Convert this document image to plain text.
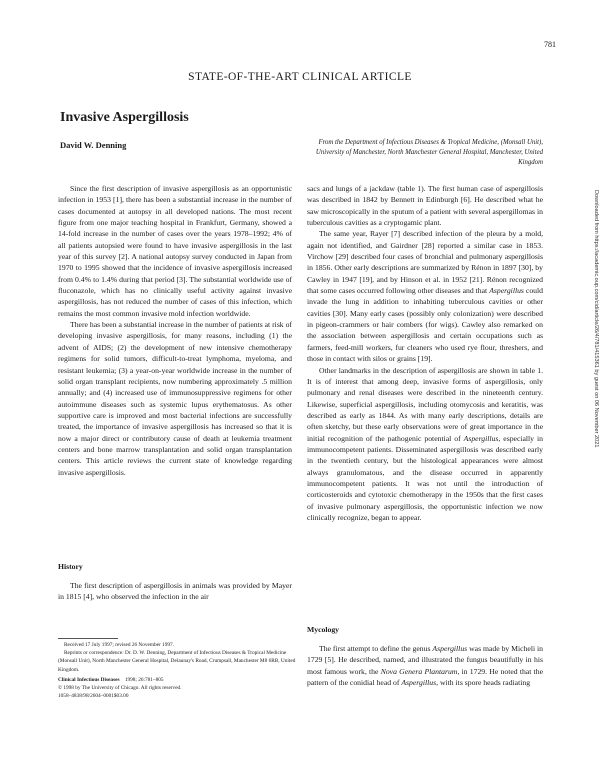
781
STATE-OF-THE-ART CLINICAL ARTICLE
Invasive Aspergillosis
David W. Denning	From the Department of Infectious Diseases & Tropical Medicine, (Monsall Unit), University of Manchester, North Manchester General Hospital, Manchester, United Kingdom

Since the first description of invasive aspergillosis as an opportunistic infection in 1953 [1], there has been a substantial increase in the number of cases documented at autopsy in all developed nations. The most recent figure from one major teaching hospital in Frankfurt, Germany, showed a 14-fold increase in the number of cases over the years 1978–1992; 4% of all patients autopsied were found to have invasive aspergillosis in the last year of this survey [2]. A national autopsy survey conducted in Japan from 1970 to 1995 showed that the incidence of invasive aspergillosis increased from 0.4% to 1.4% during that period [3]. The substantial worldwide use of fluconazole, which has no clinically useful activity against invasive aspergillosis, has not reduced the number of cases of this infection, which remains the most common invasive mold infection worldwide.

There has been a substantial increase in the number of patients at risk of developing invasive aspergillosis, for many reasons, including (1) the advent of AIDS; (2) the development of new intensive chemotherapy regimens for solid tumors, difficult-to-treat lymphoma, myeloma, and resistant leukemia; (3) a year-on-year worldwide increase in the number of solid organ transplant recipients, now numbering approximately .5 million annually; and (4) increased use of immunosuppressive regimens for other autoimmune diseases such as systemic lupus erythematosus. As other supportive care is improved and most bacterial infections are successfully treated, the importance of invasive aspergillosis has increased so that it is now a major direct or contributory cause of death at leukemia treatment centers and bone marrow transplantation and solid organ transplantation centers. This article reviews the current state of knowledge regarding invasive aspergillosis.

History

The first description of aspergillosis in animals was provided by Mayer in 1815 [4], who observed the infection in the air

sacs and lungs of a jackdaw (table 1). The first human case of aspergillosis was described in 1842 by Bennett in Edinburgh [6]. He described what he saw microscopically in the sputum of a patient with several aspergillomas in tuberculous cavities as a cryptogamic plant.

The same year, Rayer [7] described infection of the pleura by a mold, again not identified, and Gairdner [28] reported a similar case in 1853. Virchow [29] described four cases of bronchial and pulmonary aspergillosis in 1856. Other early descriptions are summarized by Rénon in 1897 [30], by Cawley in 1947 [19], and by Hinson et al. in 1952 [21]. Rénon recognized that some cases occurred following other diseases and that Aspergillus could invade the lung in addition to inhabiting tuberculous cavities or other cavities [30]. Many early cases (possibly only colonization) were described in pigeon-crammers or hair combers (for wigs). Cawley also remarked on the association between aspergillosis and certain occupations such as farmers, feed-mill workers, fur cleaners who used rye flour, threshers, and those in contact with silos or grains [19].

Other landmarks in the description of aspergillosis are shown in table 1. It is of interest that among deep, invasive forms of aspergillosis, only pulmonary and renal diseases were described in the nineteenth century. Likewise, superficial aspergillosis, including otomycosis and keratitis, was described as early as 1844. As with many early descriptions, details are often sketchy, but these early observations were of great importance in the initial recognition of the pathogenic potential of Aspergillus, especially in immunocompetent patients. Disseminated aspergillosis was described early in the twentieth century, but the histological appearances were almost always granulomatous, and the disease occurred in apparently immunocompetent patients. It was not until the introduction of corticosteroids and cytotoxic chemotherapy in the 1950s that the first cases of invasive pulmonary aspergillosis, the opportunistic infection we now clinically recognize, began to appear.

Mycology

The first attempt to define the genus Aspergillus was made by Micheli in 1729 [5]. He described, named, and illustrated the fungus beautifully in his most famous work, the Nova Genera Plantarum, in 1729. He noted that the pattern of the conidial head of Aspergillus, with its spore heads radiating

Received 17 July 1997; revised 26 November 1997.

Reprints or correspondence: Dr. D. W. Denning, Department of Infectious Diseases & Tropical Medicine (Monsall Unit), North Manchester General Hospital, Delaunay's Road, Crumpsall, Manchester M8 6RB, United Kingdom.

Clinical Infectious Diseases 1998; 26:781–805
© 1998 by The University of Chicago. All rights reserved.
1058–4838/98/2604–0001$03.00
Downloaded from https://academic.oup.com/cid/article/26/4/781/415361 by guest on 06 November 2021
